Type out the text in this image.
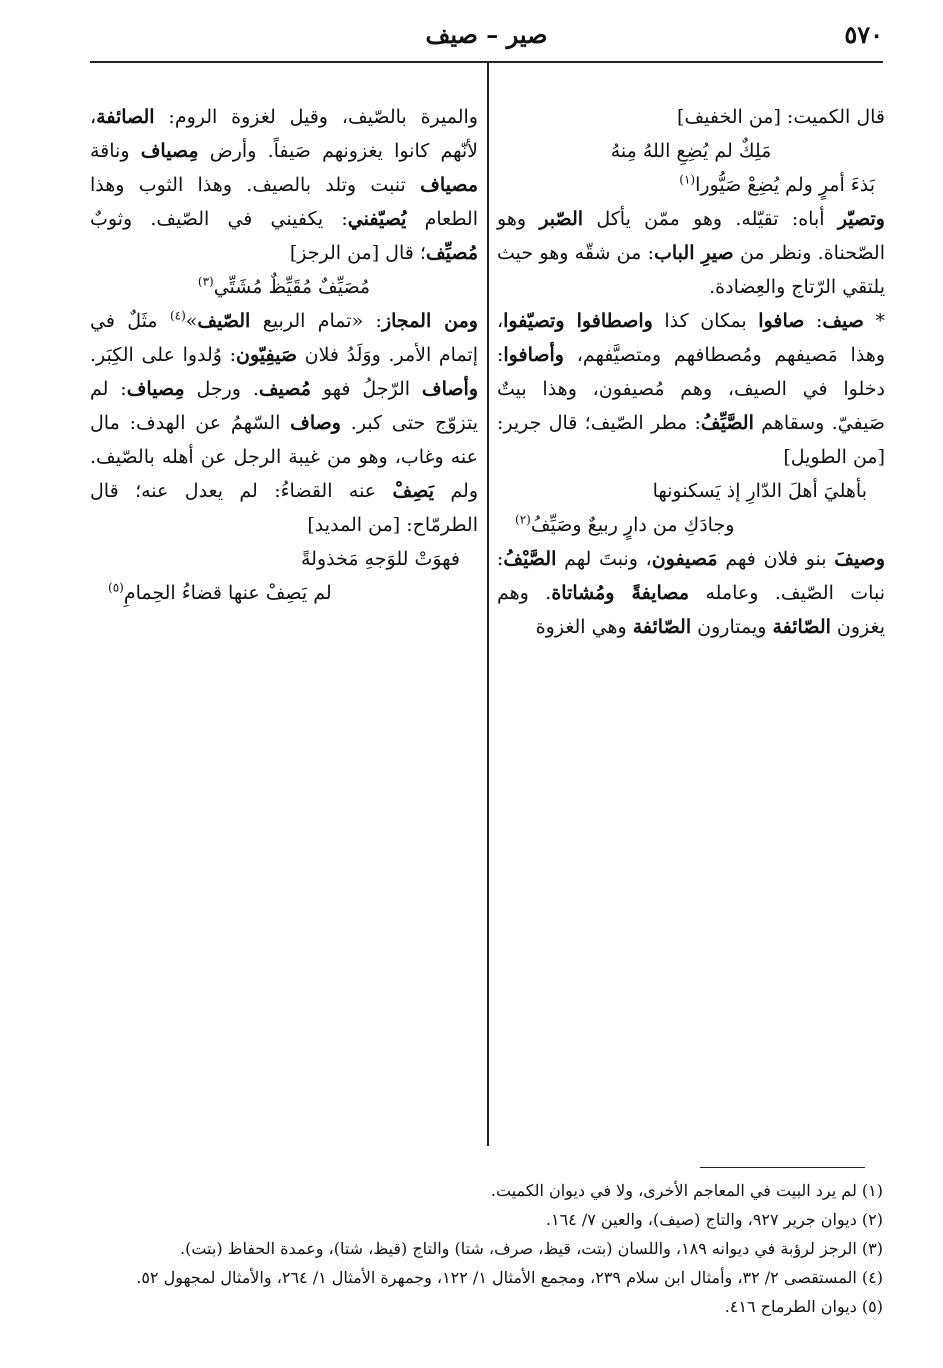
٥٧٠
صير – صيف

قال الكميت: [من الخفيف]

مَلِكٌ لم يُضِعِ اللهُ مِنهُ

بَذءَ أمرٍ ولم يُضِعْ صَيُّورا$^{(١)}$

وتصيّر أباه: تقيّله. وهو ممّن يأكل الصّبر وهو الصّحناة. ونظر من صيرِ الباب: من شقّه وهو حيث يلتقي الرّتاج والعِضادة.

* صيف: صافوا بمكان كذا واصطافوا وتصيّفوا، وهذا مَصيفهم ومُصطافهم ومتصيَّفهم، وأصافوا: دخلوا في الصيف، وهم مُصيفون، وهذا بيتٌ صَيفيّ. وسقاهم الصَّيِّفُ: مطر الصّيف؛ قال جرير: [من الطويل]

بأهليَ أهلَ الدّارِ إذ يَسكنونها

وجادَكِ من دارٍ ربيعٌ وصَيِّفُ$^{(٢)}$

وصيفَ بنو فلان فهم مَصيفون، ونبتَ لهم الصَّيْفُ: نبات الصّيف. وعامله مصايفةً ومُشاتاة. وهم يغزون الصّائفة ويمتارون الصّائفة وهي الغزوة

والميرة بالصّيف، وقيل لغزوة الروم: الصائفة، لأنّهم كانوا يغزونهم صَيفاً. وأرض مِصياف وناقة مصياف تنبت وتلد بالصيف. وهذا الثوب وهذا الطعام يُصيّفني: يكفيني في الصّيف. وثوبٌ مُصيِّف؛ قال [من الرجز]

مُصَيِّفٌ مُقَيِّظٌ مُشَتِّي$^{(٣)}$

ومن المجاز: «تمام الربيع الصّيف»$^{(٤)}$ مثَلٌ في إتمام الأمر. ووَلَدُ فلان صَيفِيّون: وُلدوا على الكِبَر. وأصاف الرّجلُ فهو مُصيف. ورجل مِصياف: لم يتزوّج حتى كبر. وصاف السّهمُ عن الهدف: مال عنه وغاب، وهو من غيبة الرجل عن أهله بالصّيف. ولم يَصِفْ عنه القضاءُ: لم يعدل عنه؛ قال الطرمّاح: [من المديد]

فهوَتْ للوَجهِ مَخذولةً

لم يَصِفْ عنها قضاءُ الحِمامِ$^{(٥)}$

(١) لم يرد البيت في المعاجم الأخرى، ولا في ديوان الكميت.

(٢) ديوان جرير ٩٢٧، والتاج (صيف)، والعين ٧/ ١٦٤.

(٣) الرجز لرؤبة في ديوانه ١٨٩، واللسان (بتت، قيظ، صرف، شتا) والتاج (قيظ، شتا)، وعمدة الحفاظ (بتت).

(٤) المستقصى ٢/ ٣٢، وأمثال ابن سلام ٢٣٩، ومجمع الأمثال ١/ ١٢٢، وجمهرة الأمثال ١/ ٢٦٤، والأمثال لمجهول ٥٢.

(٥) ديوان الطرماح ٤١٦.
